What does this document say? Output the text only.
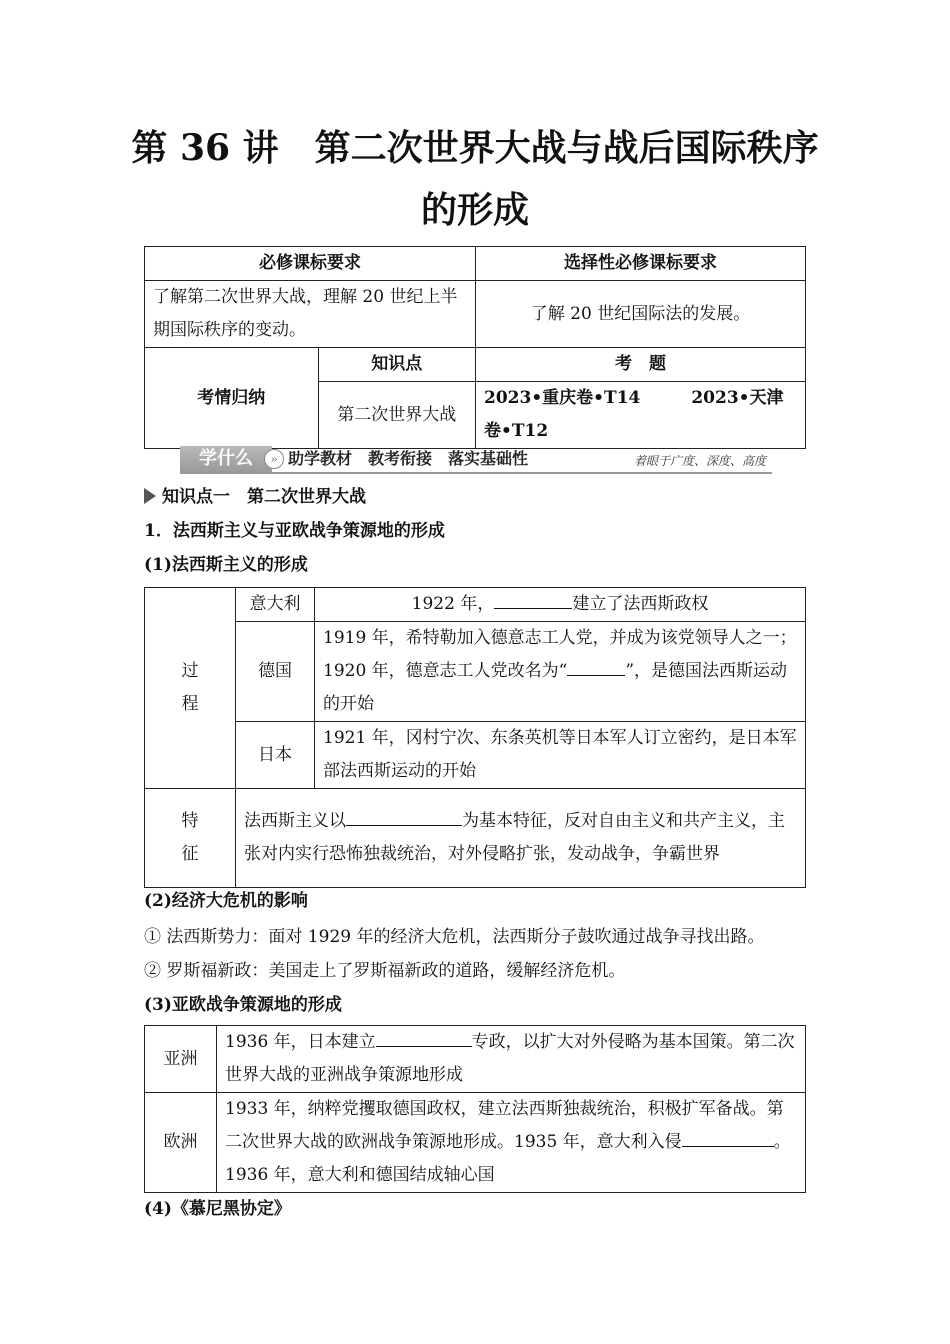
第 36 讲　第二次世界大战与战后国际秩序
的形成
必修课标要求		选择性必修课标要求
了解第二次世界大战，理解 20 世纪上半期国际秩序的变动。		了解 20 世纪国际法的发展。
考情归纳	知识点	考　题
	第二次世界大战	2023•重庆卷•T14　　　2023•天津卷•T12
学什么	» 助学教材　教考衔接　落实基础性	着眼于广度、深度、高度
知识点一　第二次世界大战
1．法西斯主义与亚欧战争策源地的形成
(1)法西斯主义的形成
过
程	意大利	1922 年， 建立了法西斯政权
	德国	1919 年，希特勒加入德意志工人党，并成为该党领导人之一；1920 年，德意志工人党改名为“ ”，是德国法西斯运动的开始
	日本	1921 年，冈村宁次、东条英机等日本军人订立密约，是日本军部法西斯运动的开始
特
征	法西斯主义以 为基本特征，反对自由主义和共产主义，主张对内实行恐怖独裁统治，对外侵略扩张，发动战争，争霸世界	
(2)经济大危机的影响
① 法西斯势力：面对 1929 年的经济大危机，法西斯分子鼓吹通过战争寻找出路。
② 罗斯福新政：美国走上了罗斯福新政的道路，缓解经济危机。
(3)亚欧战争策源地的形成
亚洲	1936 年，日本建立 专政，以扩大对外侵略为基本国策。第二次世界大战的亚洲战争策源地形成
欧洲	1933 年，纳粹党攫取德国政权，建立法西斯独裁统治，积极扩军备战。第二次世界大战的欧洲战争策源地形成。1935 年，意大利入侵 。1936 年，意大利和德国结成轴心国
(4)《慕尼黑协定》
